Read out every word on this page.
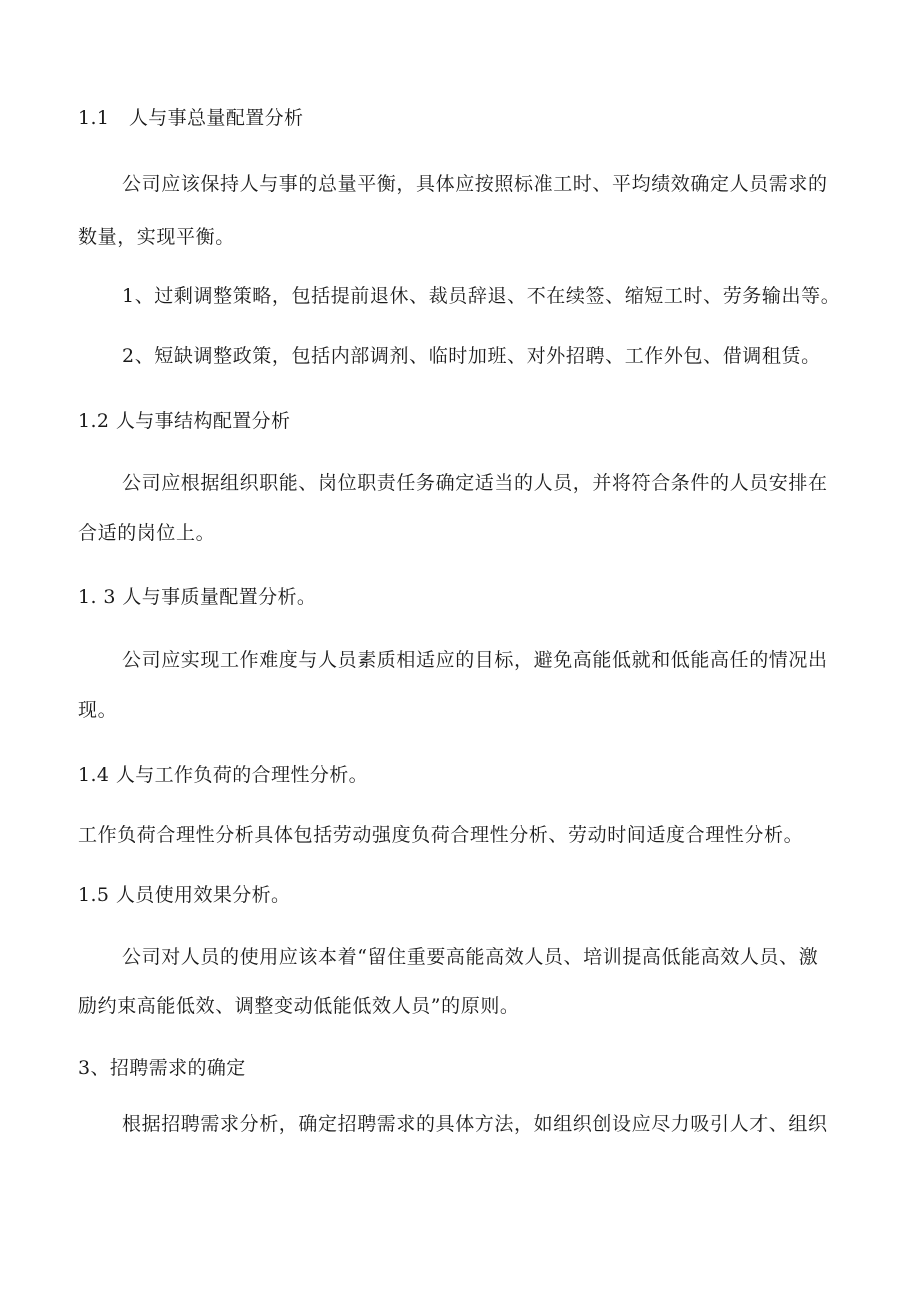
1.1　人与事总量配置分析
公司应该保持人与事的总量平衡，具体应按照标准工时、平均绩效确定人员需求的
数量，实现平衡。
1、过剩调整策略，包括提前退休、裁员辞退、不在续签、缩短工时、劳务输出等。
2、短缺调整政策，包括内部调剂、临时加班、对外招聘、工作外包、借调租赁。
1.2 人与事结构配置分析
公司应根据组织职能、岗位职责任务确定适当的人员，并将符合条件的人员安排在
合适的岗位上。
1. 3 人与事质量配置分析。
公司应实现工作难度与人员素质相适应的目标，避免高能低就和低能高任的情况出
现。
1.4 人与工作负荷的合理性分析。
工作负荷合理性分析具体包括劳动强度负荷合理性分析、劳动时间适度合理性分析。
1.5 人员使用效果分析。
公司对人员的使用应该本着“留住重要高能高效人员、培训提高低能高效人员、激
励约束高能低效、调整变动低能低效人员”的原则。
3、招聘需求的确定
根据招聘需求分析，确定招聘需求的具体方法，如组织创设应尽力吸引人才、组织
